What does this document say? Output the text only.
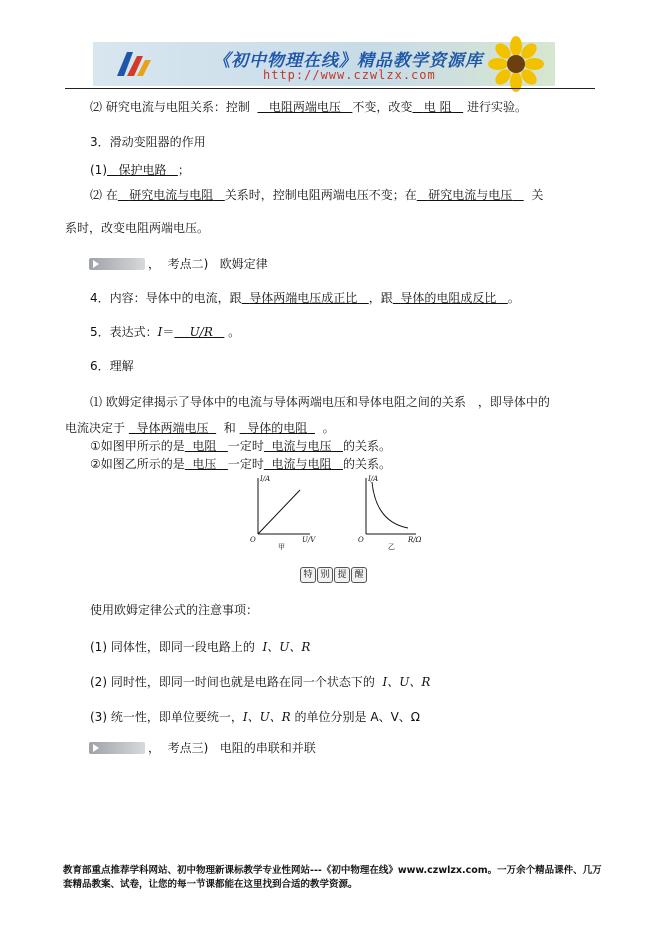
《初中物理在线》精品教学资源库
http://www.czwlzx.com
⑵ 研究电流与电阻关系：控制 电阻两端电压 不变，改变 电 阻 进行实验。
3．滑动变阻器的作用
(1) 保护电路 ；
⑵ 在 研究电流与电阻 关系时，控制电阻两端电压不变；在 研究电流与电压 关
系时，改变电阻两端电压。
， 考点二) 欧姆定律
4．内容：导体中的电流，跟 导体两端电压成正比 ，跟 导体的电阻成反比 。
5．表达式：I＝ U/R 。
6．理解
⑴ 欧姆定律揭示了导体中的电流与导体两端电压和导体电阻之间的关系　，即导体中的
电流决定于 导体两端电压 和 导体的电阻 。
①如图甲所示的是 电阻 一定时 电流与电压 的关系。
②如图乙所示的是 电压 一定时 电流与电阻 的关系。
I/A
U/V
O
甲
I/A
R/Ω
O
乙
特 别 提 醒
使用欧姆定律公式的注意事项：
(1) 同体性，即同一段电路上的 I、U、R
(2) 同时性，即同一时间也就是电路在同一个状态下的 I、U、R
(3) 统一性，即单位要统一，I、U、R 的单位分别是 A、V、Ω
， 考点三) 电阻的串联和并联
教育部重点推荐学科网站、初中物理新课标教学专业性网站---《初中物理在线》www.czwlzx.com。一万余个精品课件、几万套精品教案、试卷，让您的每一节课都能在这里找到合适的教学资源。
